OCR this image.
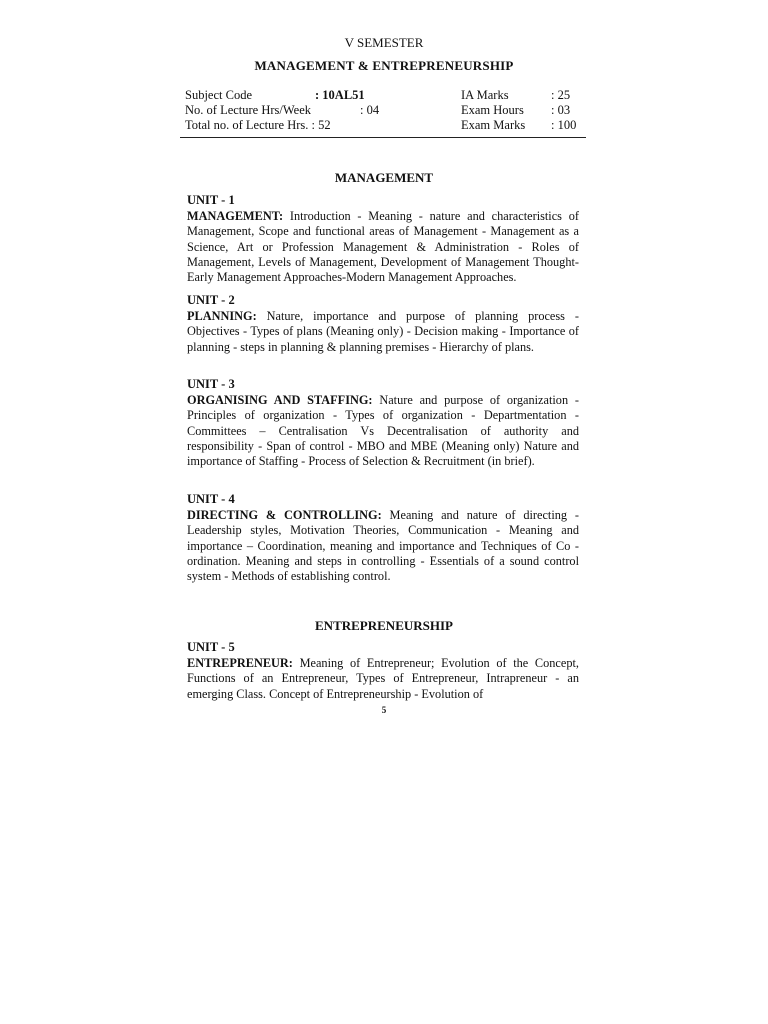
V SEMESTER
MANAGEMENT & ENTREPRENEURSHIP
Subject Code	: 10AL51	IA Marks	: 25
No. of Lecture Hrs/Week	: 04	Exam Hours : 03
Total no. of Lecture Hrs. : 52	Exam Marks : 100
MANAGEMENT
UNIT - 1
MANAGEMENT: Introduction - Meaning - nature and characteristics of Management, Scope and functional areas of Management - Management as a Science, Art or Profession Management & Administration - Roles of Management, Levels of Management, Development of Management Thought-Early Management Approaches-Modern Management Approaches.
UNIT - 2
PLANNING: Nature, importance and purpose of planning process - Objectives - Types of plans (Meaning only) - Decision making - Importance of planning - steps in planning & planning premises - Hierarchy of plans.
UNIT - 3
ORGANISING AND STAFFING: Nature and purpose of organization - Principles of organization - Types of organization - Departmentation - Committees – Centralisation Vs Decentralisation of authority and responsibility - Span of control - MBO and MBE (Meaning only) Nature and importance of Staffing - Process of Selection & Recruitment (in brief).
UNIT - 4
DIRECTING & CONTROLLING: Meaning and nature of directing - Leadership styles, Motivation Theories, Communication - Meaning and importance – Coordination, meaning and importance and Techniques of Co - ordination. Meaning and steps in controlling - Essentials of a sound control system - Methods of establishing control.
ENTREPRENEURSHIP
UNIT - 5
ENTREPRENEUR: Meaning of Entrepreneur; Evolution of the Concept, Functions of an Entrepreneur, Types of Entrepreneur, Intrapreneur - an emerging Class. Concept of Entrepreneurship - Evolution of
5
